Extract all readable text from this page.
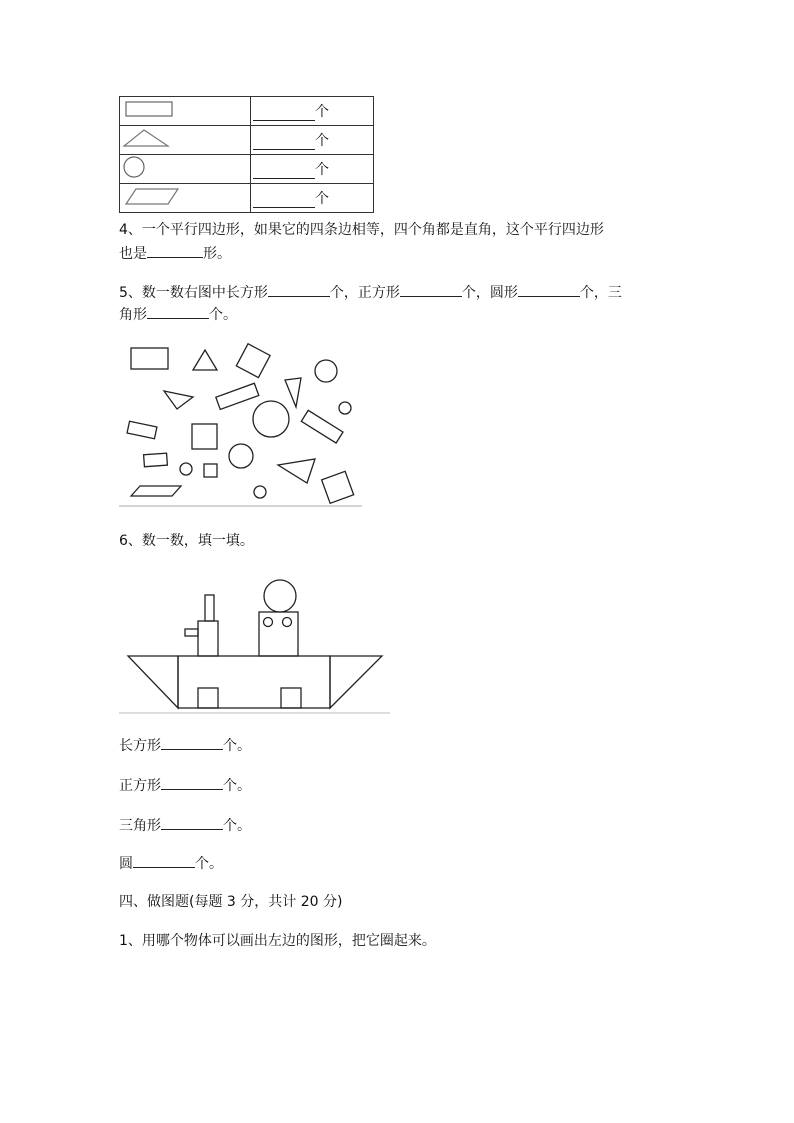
	个
	个
	个
	个
4、一个平行四边形，如果它的四条边相等，四个角都是直角，这个平行四边形
也是	形。
5、数一数右图中长方形	个，正方形	个，圆形	个，三
角形	个。
6、数一数，填一填。
长方形	个。
正方形	个。
三角形	个。
圆	个。
四、做图题(每题 3 分，共计 20 分)
1、用哪个物体可以画出左边的图形，把它圈起来。
